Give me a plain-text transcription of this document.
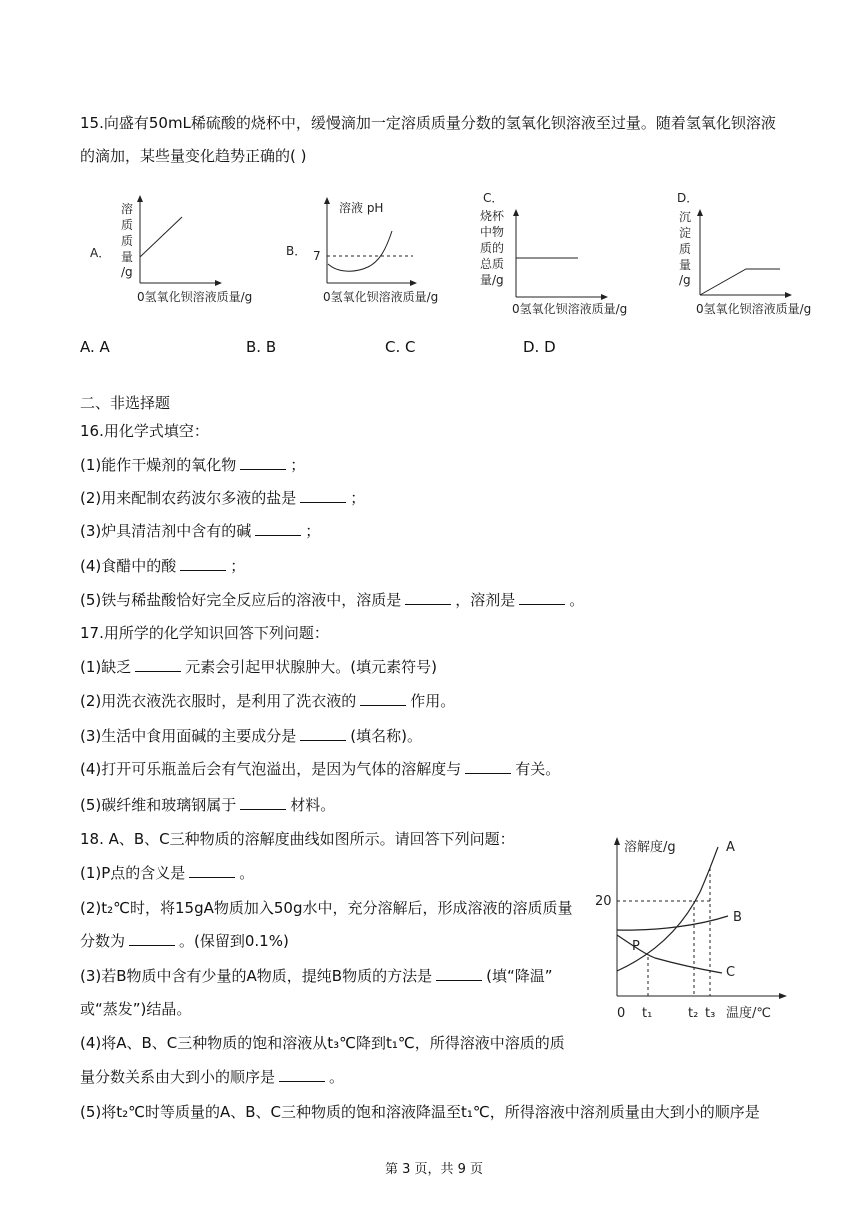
15.向盛有50mL稀硫酸的烧杯中，缓慢滴加一定溶质质量分数的氢氧化钡溶液至过量。随着氢氧化钡溶液
的滴加，某些量变化趋势正确的( )
A．
溶
质
质
量
/g
0氢氧化钡溶液质量/g
B．
溶液 pH
7
0氢氧化钡溶液质量/g
C．
烧杯
中物
质的
总质
量/g
0氢氧化钡溶液质量/g
D．
沉
淀
质
量
/g
0氢氧化钡溶液质量/g
A. A	B. B	C. C	D. D
二、非选择题
16.用化学式填空：
(1)能作干燥剂的氧化物	；
(2)用来配制农药波尔多液的盐是	；
(3)炉具清洁剂中含有的碱	；
(4)食醋中的酸	；
(5)铁与稀盐酸恰好完全反应后的溶液中，溶质是	，溶剂是	。
17.用所学的化学知识回答下列问题：
(1)缺乏	元素会引起甲状腺肿大。(填元素符号)
(2)用洗衣液洗衣服时，是利用了洗衣液的	作用。
(3)生活中食用面碱的主要成分是	(填名称)。
(4)打开可乐瓶盖后会有气泡溢出，是因为气体的溶解度与	有关。
(5)碳纤维和玻璃钢属于	材料。
18. A、B、C三种物质的溶解度曲线如图所示。请回答下列问题：
(1)P点的含义是	。
(2)t₂℃时，将15gA物质加入50g水中，充分溶解后，形成溶液的溶质质量
分数为	。(保留到0.1%)
(3)若B物质中含有少量的A物质，提纯B物质的方法是	(填“降温”
或“蒸发”)结晶。
(4)将A、B、C三种物质的饱和溶液从t₃℃降到t₁℃，所得溶液中溶质的质
量分数关系由大到小的顺序是	。
(5)将t₂℃时等质量的A、B、C三种物质的饱和溶液降温至t₁℃，所得溶液中溶剂质量由大到小的顺序是
溶解度/g
0	温度/℃
20
t₁	t₂ t₃
A
B
C
P
第 3 页，共 9 页
